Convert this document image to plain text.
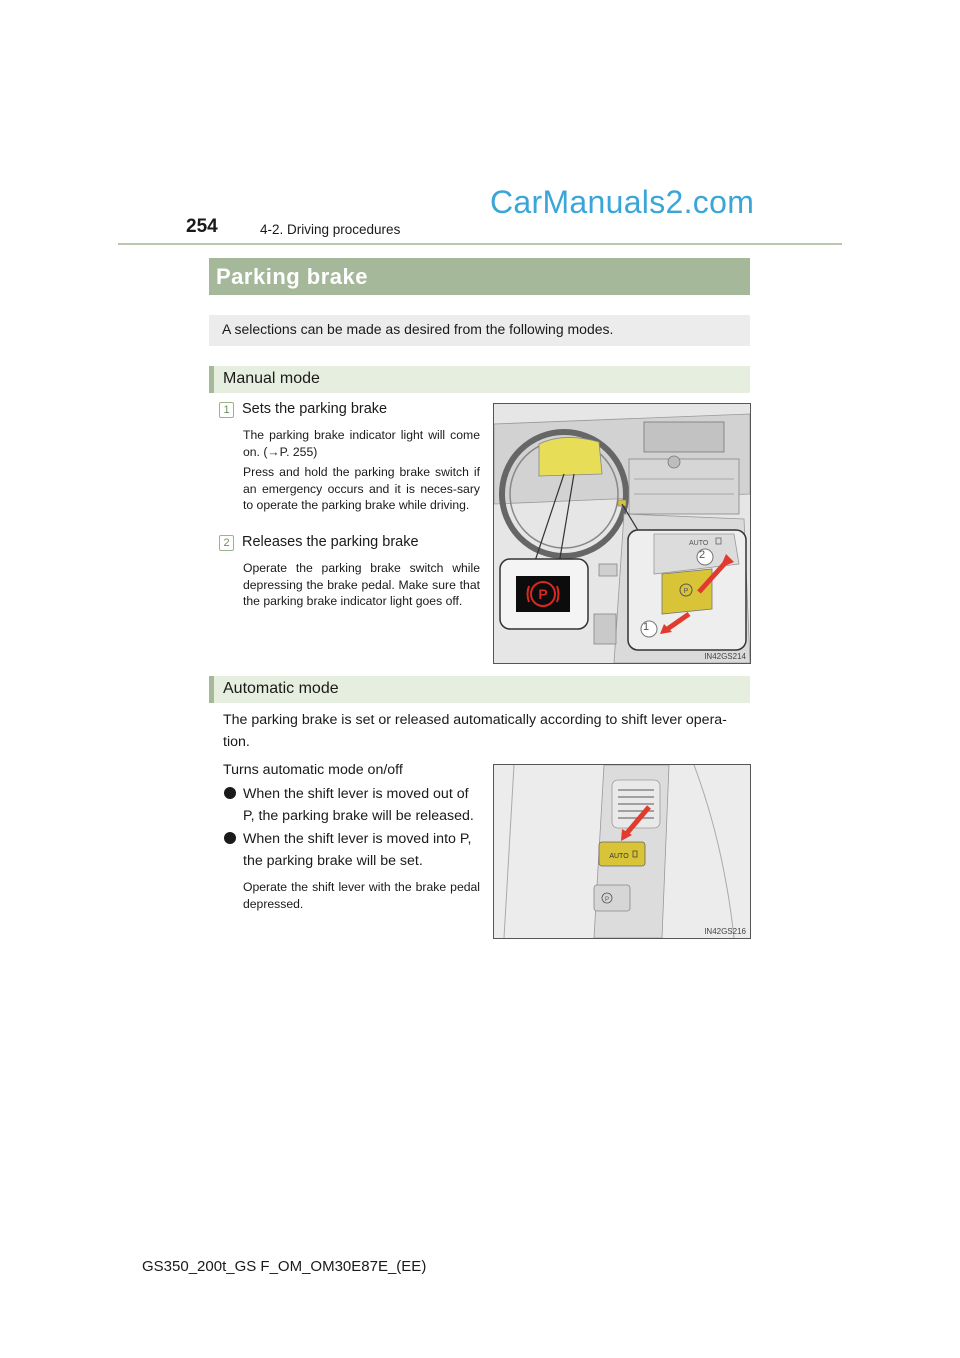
254	4-2. Driving procedures
CarManuals2.com
Parking brake
A selections can be made as desired from the following modes.
Manual mode
1 Sets the parking brake
The parking brake indicator light will come on. (→P. 255)
Press and hold the parking brake switch if an emergency occurs and it is neces-sary to operate the parking brake while driving.
2 Releases the parking brake
Operate the parking brake switch while depressing the brake pedal. Make sure that the parking brake indicator light goes off.	P
AUTO
P
2
1
IN42GS214
Automatic mode
The parking brake is set or released automatically according to shift lever opera-tion.
Turns automatic mode on/off
When the shift lever is moved out of
P, the parking brake will be released.
When the shift lever is moved into P,
the parking brake will be set.
Operate the shift lever with the brake pedal depressed.
AUTO
P
IN42GS216
GS350_200t_GS F_OM_OM30E87E_(EE)
